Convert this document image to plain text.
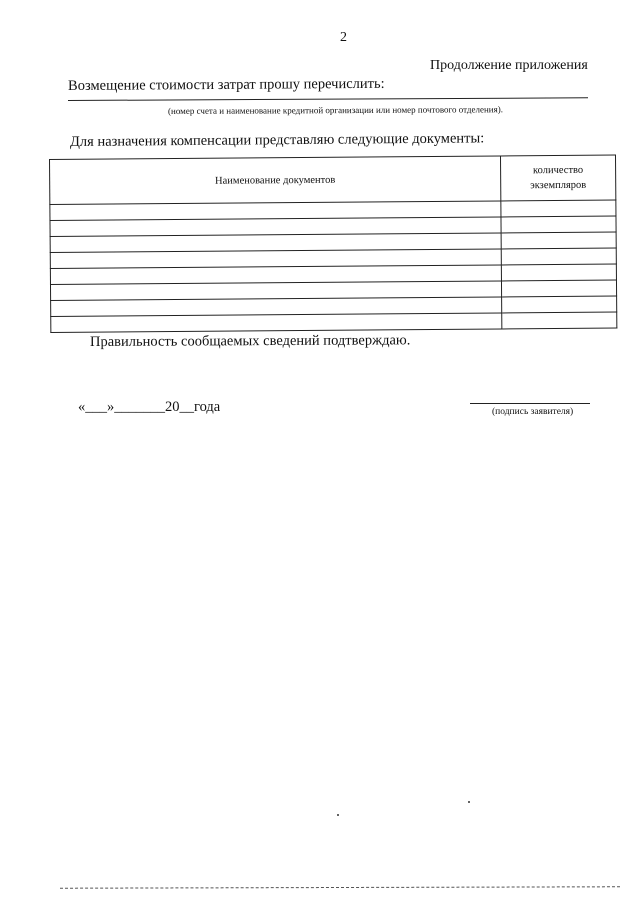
2
Продолжение приложения
Возмещение стоимости затрат прошу перечислить:
(номер счета и наименование кредитной организации или номер почтового отделения).
Для назначения компенсации представляю следующие документы:
Наименование документов	количество
экземпляров

Правильность сообщаемых сведений подтверждаю.
«___»_______20__года	(подпись заявителя)
